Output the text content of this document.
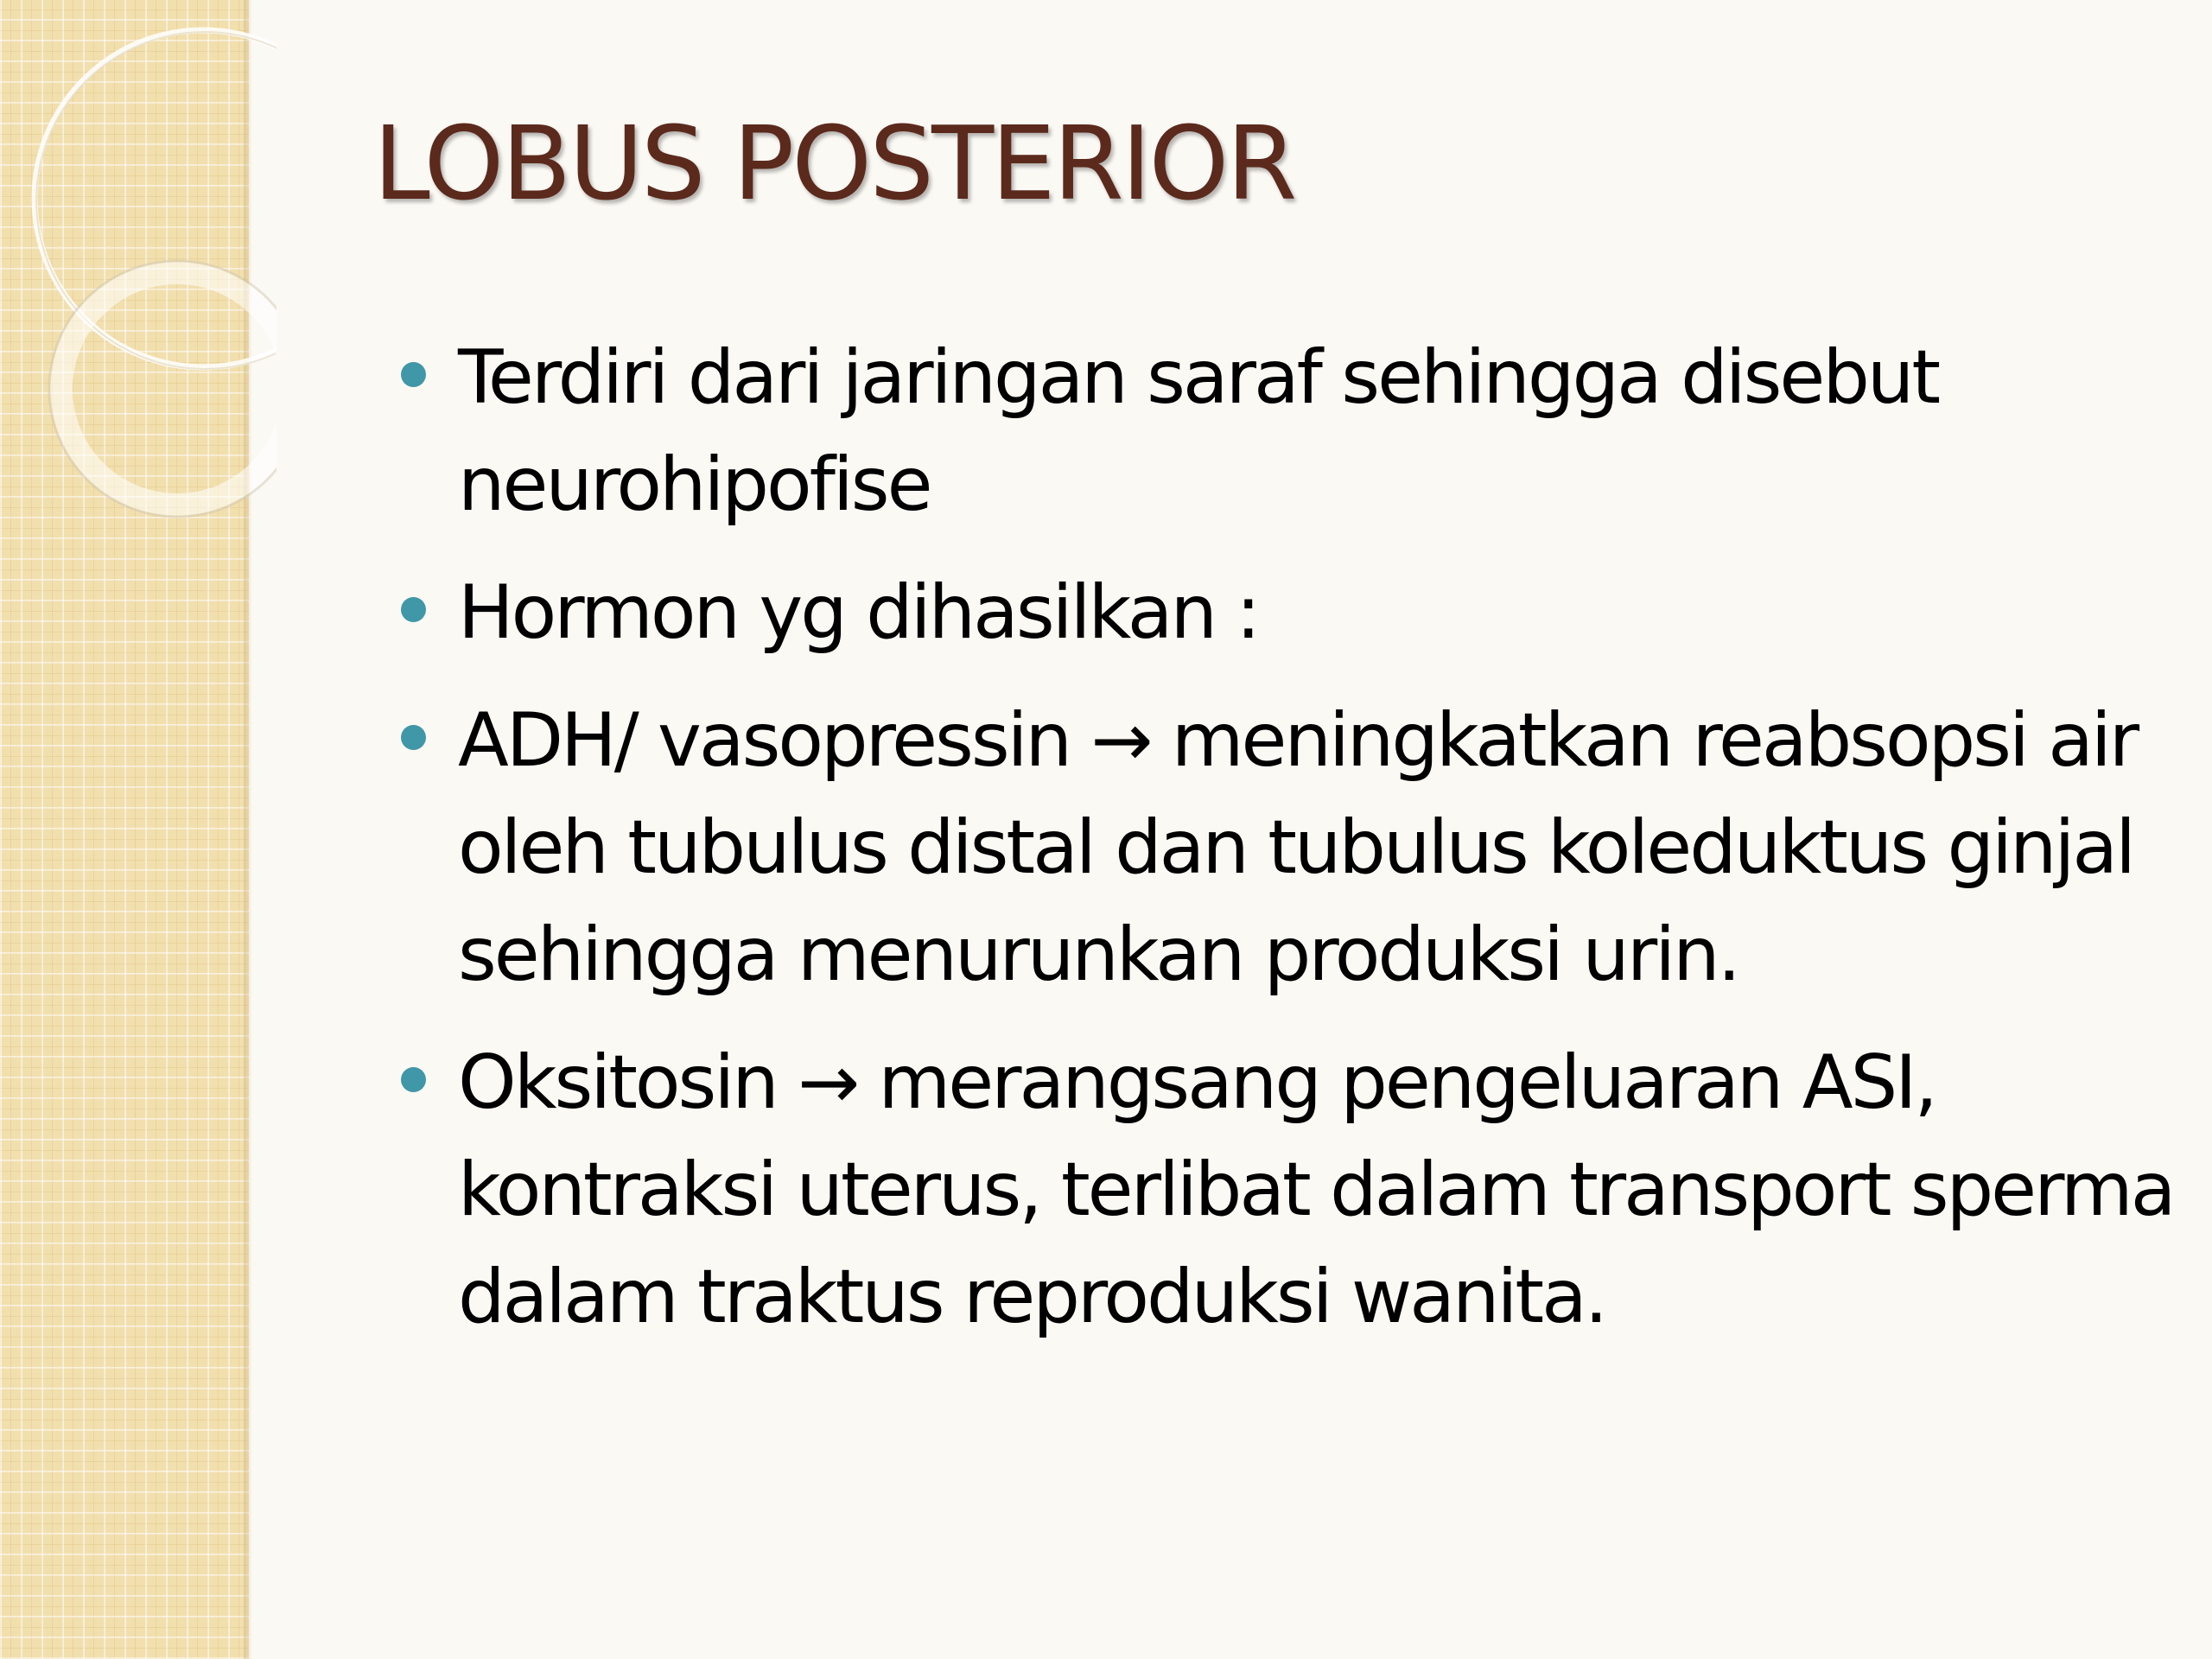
LOBUS POSTERIOR
Terdiri dari jaringan saraf sehingga disebut neurohipofise
Hormon yg dihasilkan :
ADH/ vasopressin → meningkatkan reabsopsi air oleh tubulus distal dan tubulus koleduktus ginjal sehingga menurunkan produksi urin.
Oksitosin → merangsang pengeluaran ASI, kontraksi uterus, terlibat dalam transport sperma dalam traktus reproduksi wanita.
